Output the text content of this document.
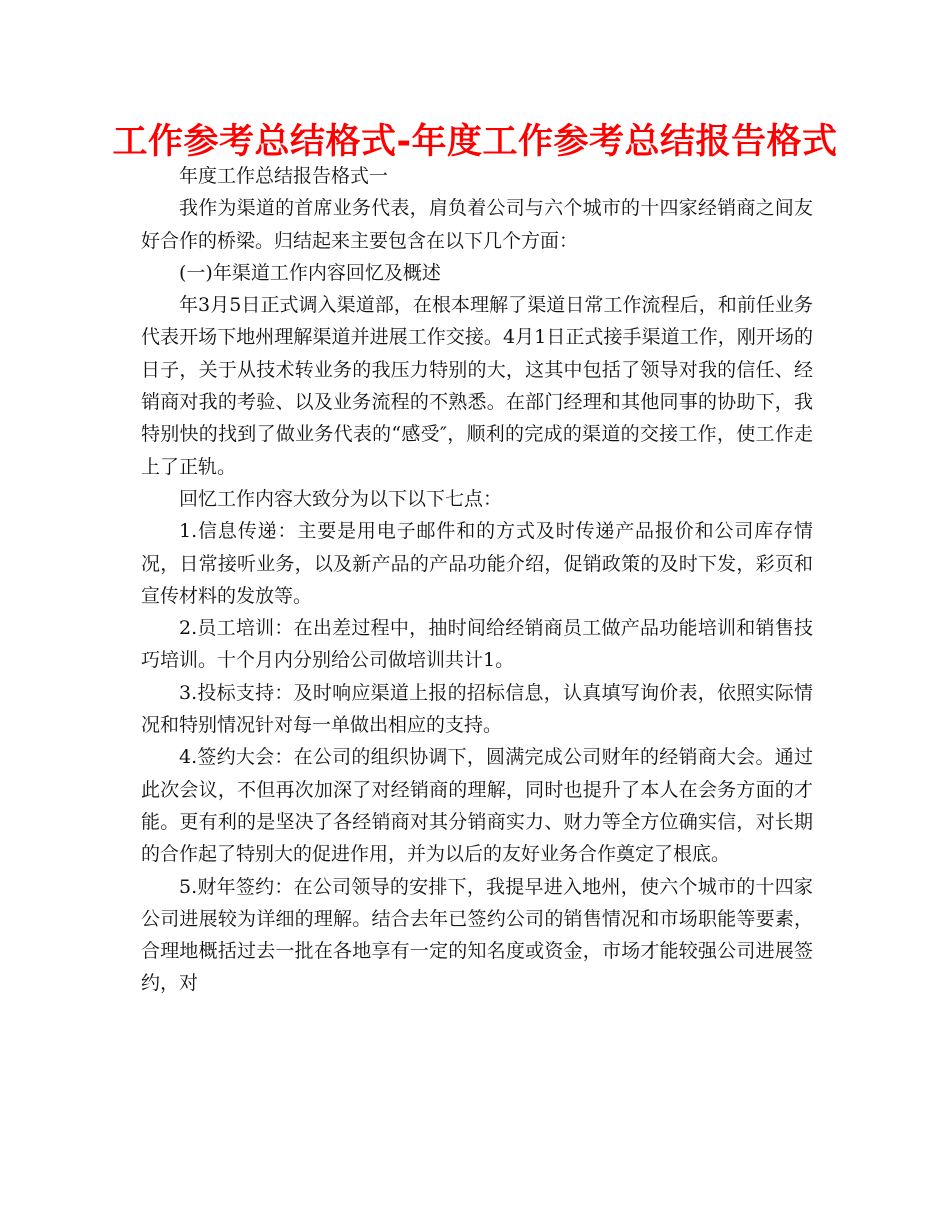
工作参考总结格式-年度工作参考总结报告格式

年度工作总结报告格式一

我作为渠道的首席业务代表，肩负着公司与六个城市的十四家经销商之间友好合作的桥梁。归结起来主要包含在以下几个方面：

(一)年渠道工作内容回忆及概述

年3月5日正式调入渠道部，在根本理解了渠道日常工作流程后，和前任业务代表开场下地州理解渠道并进展工作交接。4月1日正式接手渠道工作，刚开场的日子，关于从技术转业务的我压力特别的大，这其中包括了领导对我的信任、经销商对我的考验、以及业务流程的不熟悉。在部门经理和其他同事的协助下，我特别快的找到了做业务代表的“感受″，顺利的完成的渠道的交接工作，使工作走上了正轨。

回忆工作内容大致分为以下以下七点：

1.信息传递：主要是用电子邮件和的方式及时传递产品报价和公司库存情况，日常接听业务，以及新产品的产品功能介绍，促销政策的及时下发，彩页和宣传材料的发放等。

2.员工培训：在出差过程中，抽时间给经销商员工做产品功能培训和销售技巧培训。十个月内分别给公司做培训共计1。

3.投标支持：及时响应渠道上报的招标信息，认真填写询价表，依照实际情况和特别情况针对每一单做出相应的支持。

4.签约大会：在公司的组织协调下，圆满完成公司财年的经销商大会。通过此次会议，不但再次加深了对经销商的理解，同时也提升了本人在会务方面的才能。更有利的是坚决了各经销商对其分销商实力、财力等全方位确实信，对长期的合作起了特别大的促进作用，并为以后的友好业务合作奠定了根底。

5.财年签约：在公司领导的安排下，我提早进入地州，使六个城市的十四家公司进展较为详细的理解。结合去年已签约公司的销售情况和市场职能等要素，合理地概括过去一批在各地享有一定的知名度或资金，市场才能较强公司进展签约，对
